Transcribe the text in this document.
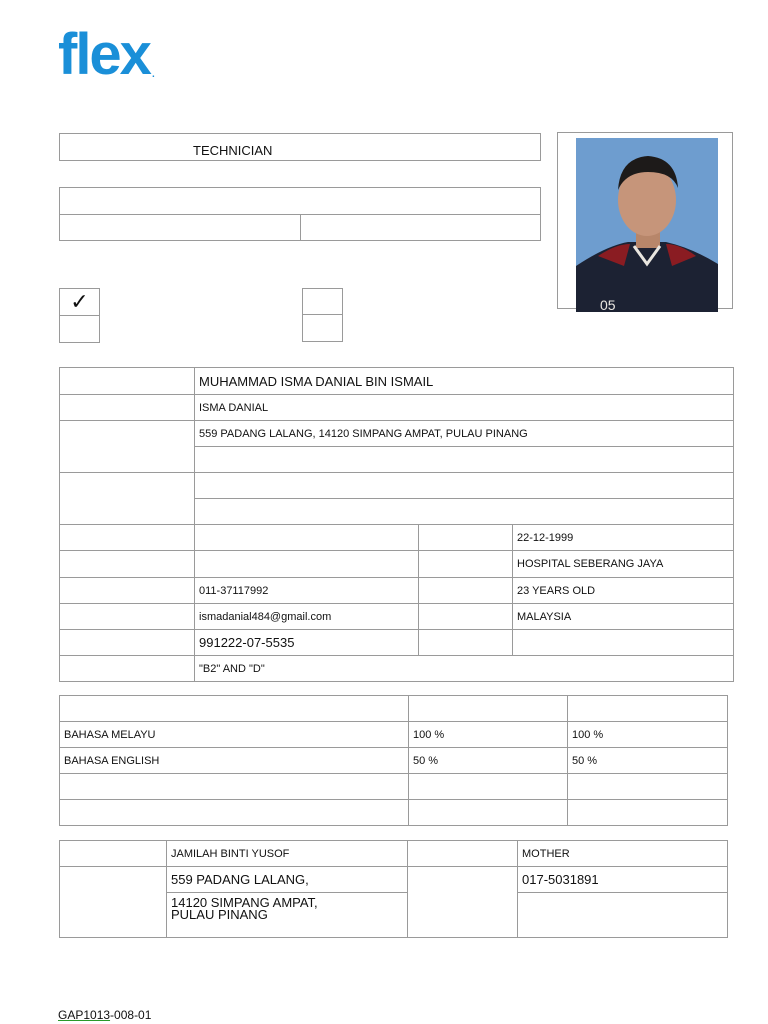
flex .
TECHNICIAN

✓	05
	MUHAMMAD ISMA DANIAL BIN ISMAIL		
	ISMA DANIAL		
	559 PADANG LALANG, 14120 SIMPANG AMPAT, PULAU PINANG		

			22-12-1999
			HOSPITAL SEBERANG JAYA
	011-37117992		23 YEARS OLD
	ismadanial484@gmail.com		MALAYSIA
	991222-07-5535		
	"B2" AND "D"		

BAHASA MELAYU	100 %	100 %
BAHASA ENGLISH	50 %	50 %

	JAMILAH BINTI YUSOF		MOTHER
	559 PADANG LALANG,		017-5031891

	14120 SIMPANG AMPAT,
PULAU PINANG		

GAP1013-008-01
